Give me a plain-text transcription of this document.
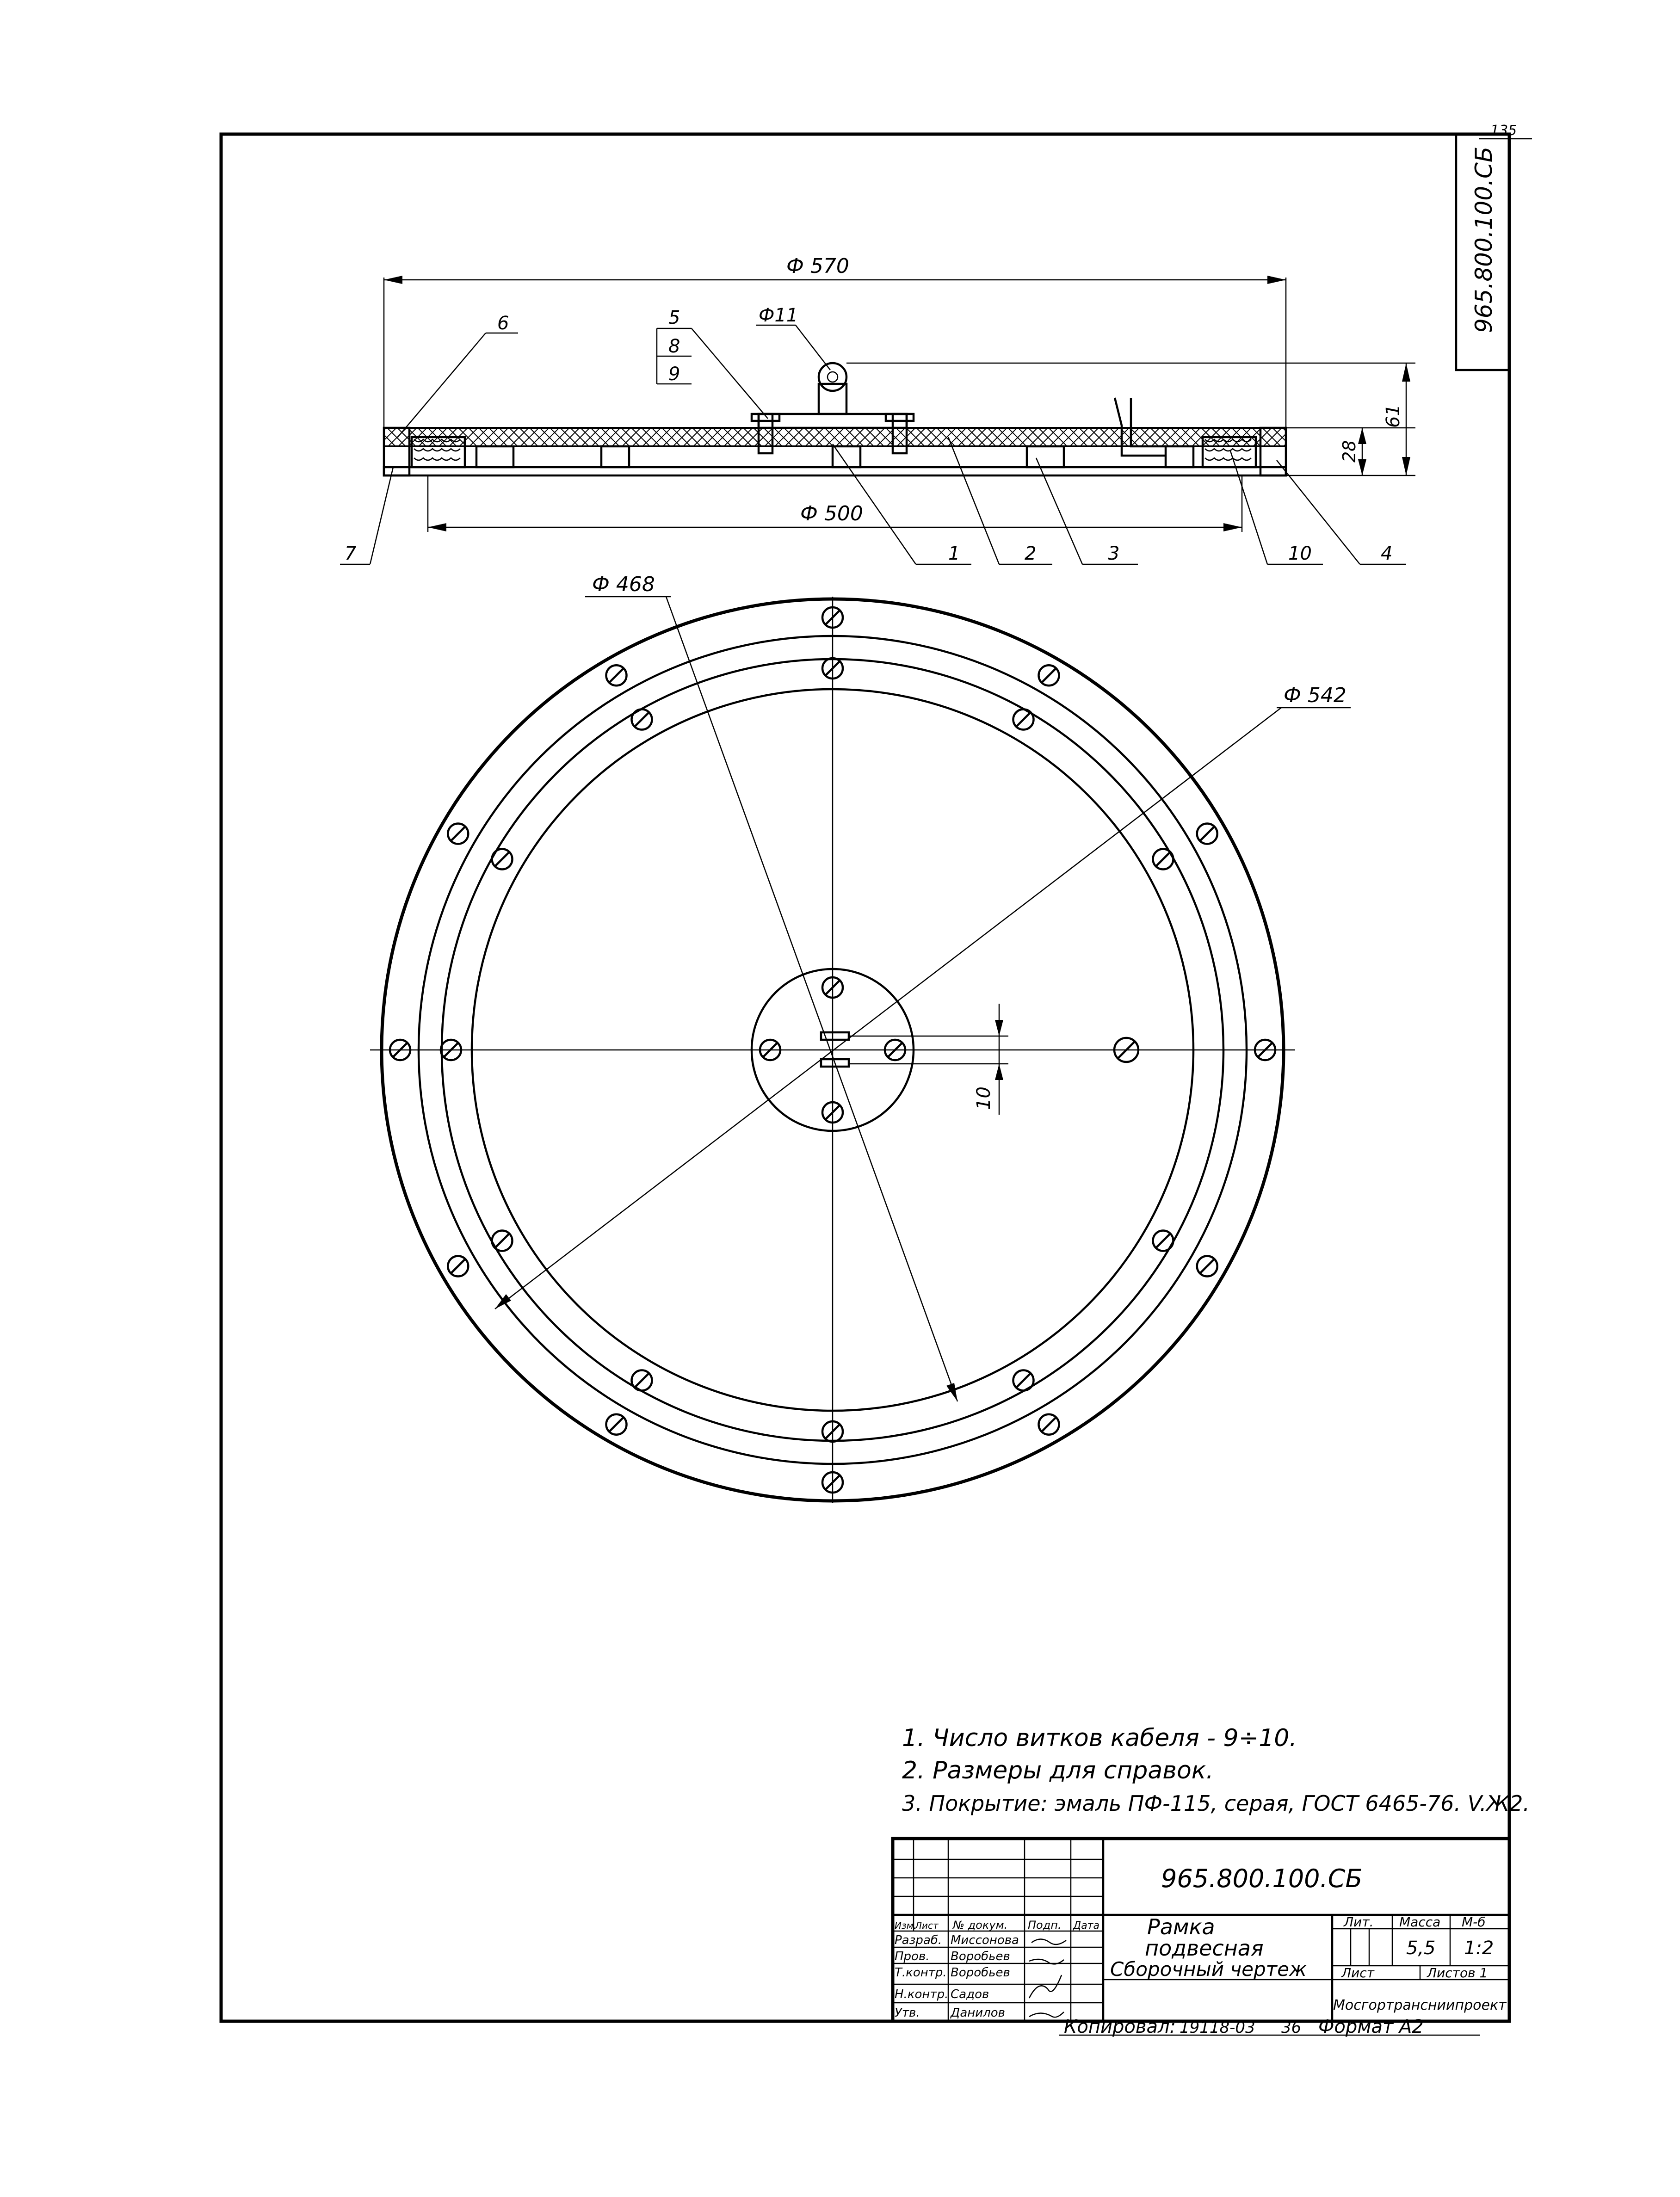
135
965.800.100.СБ
Ф 570
Ф 500
Ф11
61
28
6
7
5
8
9
1	2	3	10	4
10
Ф 468
Ф 542
1. Число витков кабеля - 9÷10.
2. Размеры для справок.
3. Покрытие: эмаль ПФ-115, серая, ГОСТ 6465-76. V.Ж2.
965.800.100.СБ
Рамка
подвесная
Сборочный чертеж
Лит. Масса М-б
5,5 1:2
Лист	Листов 1
Мосгортрансниипроект
Изм.
Лист № докум. Подп. Дата
Разраб. Миссонова
Пров. Воробьев
Т.контр. Воробьев
Н.контр. Садов
Утв.	Данилов
Копировал: 19118-03 36 Формат А2
